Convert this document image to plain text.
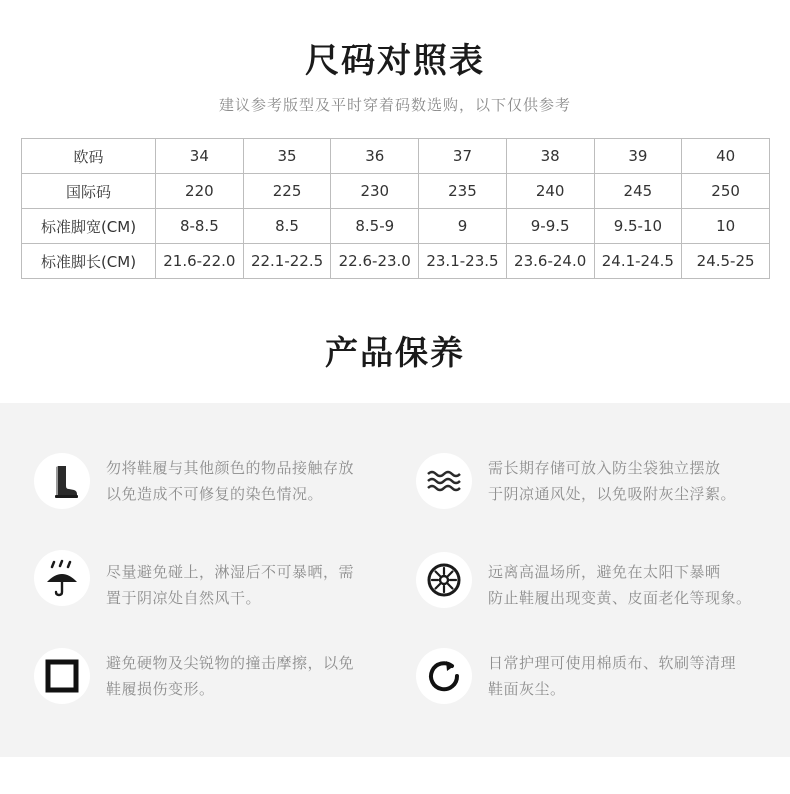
尺码对照表
建议参考版型及平时穿着码数选购，以下仅供参考
欧码	34	35	36	37	38	39	40
国际码	220	225	230	235	240	245	250
标准脚宽(CM)	8-8.5	8.5	8.5-9	9	9-9.5	9.5-10	10
标准脚长(CM)	21.6-22.0	22.1-22.5	22.6-23.0	23.1-23.5	23.6-24.0	24.1-24.5	24.5-25
产品保养
勿将鞋履与其他颜色的物品接触存放
以免造成不可修复的染色情况。
需长期存储可放入防尘袋独立摆放
于阴凉通风处，以免吸附灰尘浮絮。
尽量避免碰上，淋湿后不可暴晒，需
置于阴凉处自然风干。
远离高温场所，避免在太阳下暴晒
防止鞋履出现变黄、皮面老化等现象。
避免硬物及尖锐物的撞击摩擦，以免
鞋履损伤变形。
日常护理可使用棉质布、软刷等清理
鞋面灰尘。
